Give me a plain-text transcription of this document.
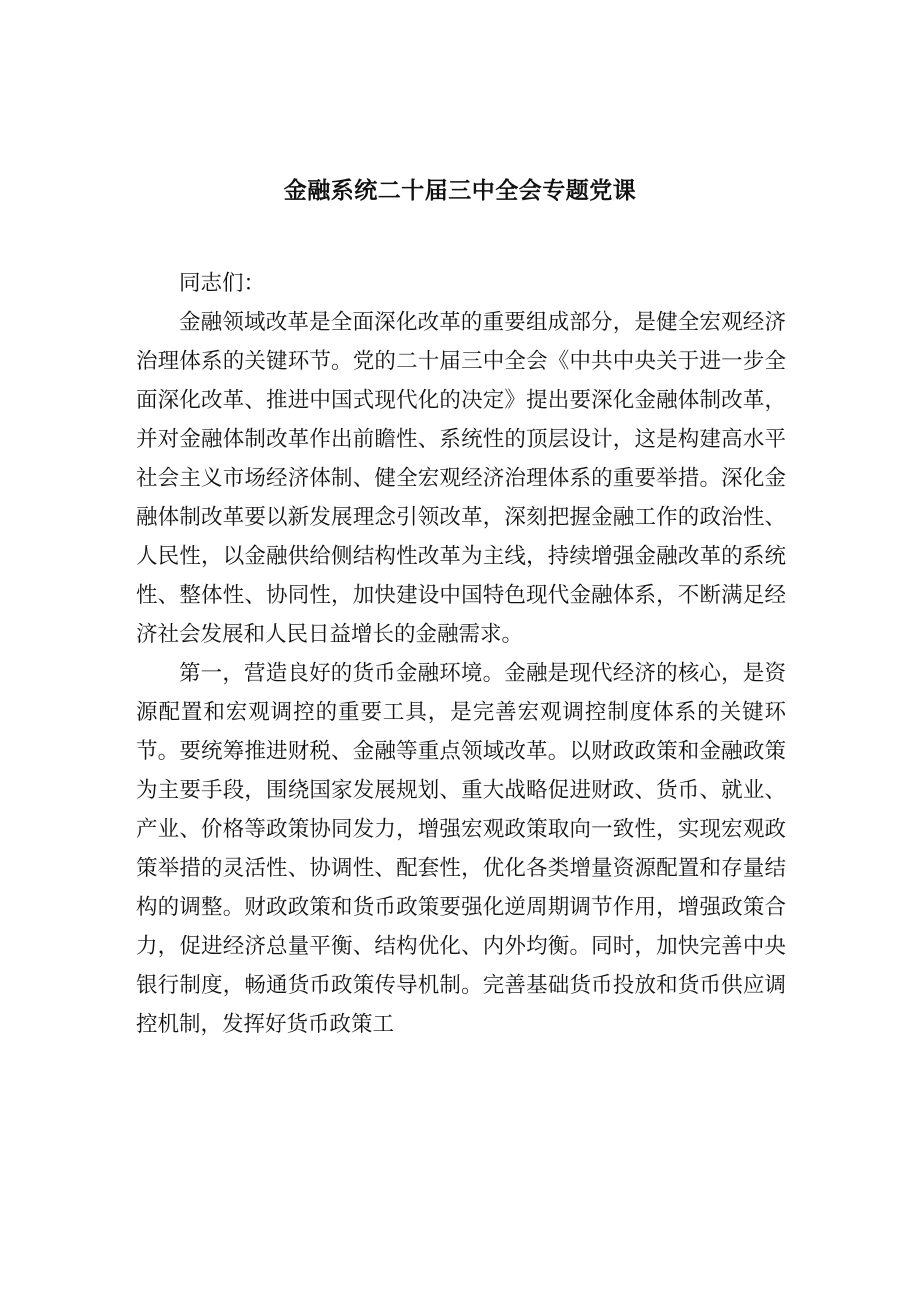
金融系统二十届三中全会专题党课

同志们：

金融领域改革是全面深化改革的重要组成部分，是健全宏观经济治理体系的关键环节。党的二十届三中全会《中共中央关于进一步全面深化改革、推进中国式现代化的决定》提出要深化金融体制改革，并对金融体制改革作出前瞻性、系统性的顶层设计，这是构建高水平社会主义市场经济体制、健全宏观经济治理体系的重要举措。深化金融体制改革要以新发展理念引领改革，深刻把握金融工作的政治性、人民性，以金融供给侧结构性改革为主线，持续增强金融改革的系统性、整体性、协同性，加快建设中国特色现代金融体系，不断满足经济社会发展和人民日益增长的金融需求。

第一，营造良好的货币金融环境。金融是现代经济的核心，是资源配置和宏观调控的重要工具，是完善宏观调控制度体系的关键环节。要统筹推进财税、金融等重点领域改革。以财政政策和金融政策为主要手段，围绕国家发展规划、重大战略促进财政、货币、就业、产业、价格等政策协同发力，增强宏观政策取向一致性，实现宏观政策举措的灵活性、协调性、配套性，优化各类增量资源配置和存量结构的调整。财政政策和货币政策要强化逆周期调节作用，增强政策合力，促进经济总量平衡、结构优化、内外均衡。同时，加快完善中央银行制度，畅通货币政策传导机制。完善基础货币投放和货币供应调控机制，发挥好货币政策工
